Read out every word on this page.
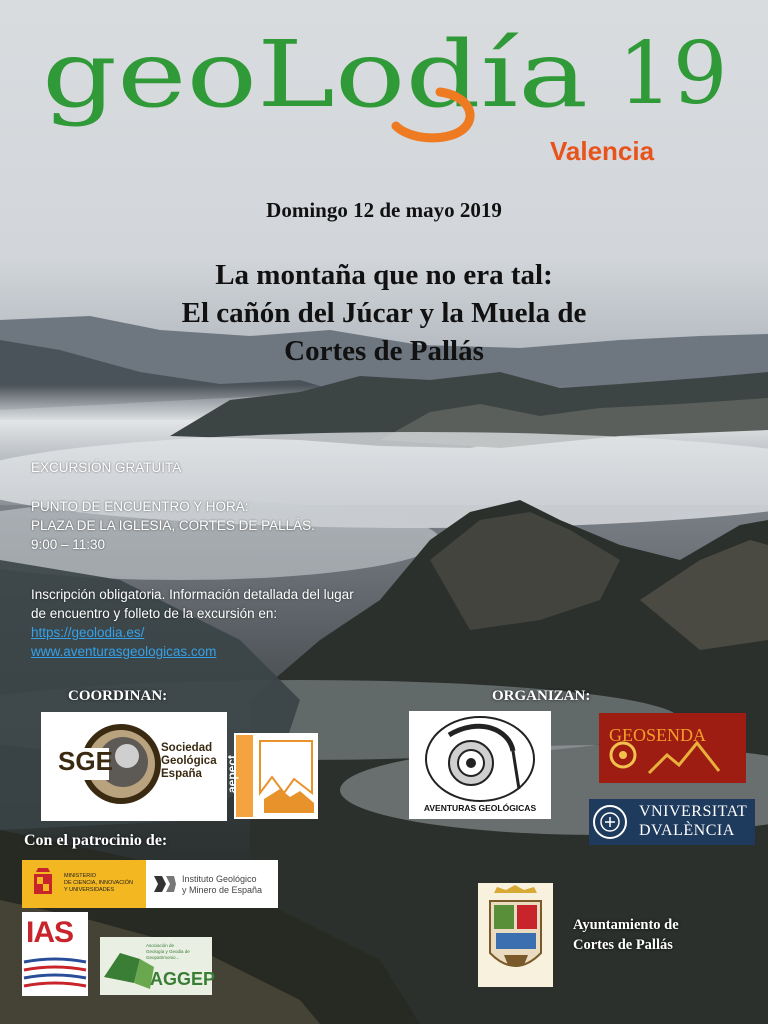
geoLodía 19
Valencia
Domingo 12 de mayo 2019
La montaña que no era tal:
El cañón del Júcar y la Muela de
Cortes de Pallás
EXCURSIÓN GRATUITA
PUNTO DE ENCUENTRO Y HORA:
PLAZA DE LA IGLESIA, CORTES DE PALLÁS.
9:00 – 11:30
Inscripción obligatoria. Información detallada del lugar
de encuentro y folleto de la excursión en:
https://geolodia.es/
www.aventurasgeologicas.com
COORDINAN:	ORGANIZAN:
Con el patrocinio de:
SGE	Sociedad
Geológica
España	aepect
AVENTURAS GEOLÓGICAS
GEOSENDA
VNIVERSITAT
DVALÈNCIA
MINISTERIO
DE CIENCIA, INNOVACIÓN
Y UNIVERSIDADES
Instituto Geológico
y Minero de España
IAS	Asociación de
Geología y Geodia de
Geopatrimonio...
AGGEP
Ayuntamiento de
Cortes de Pallás
